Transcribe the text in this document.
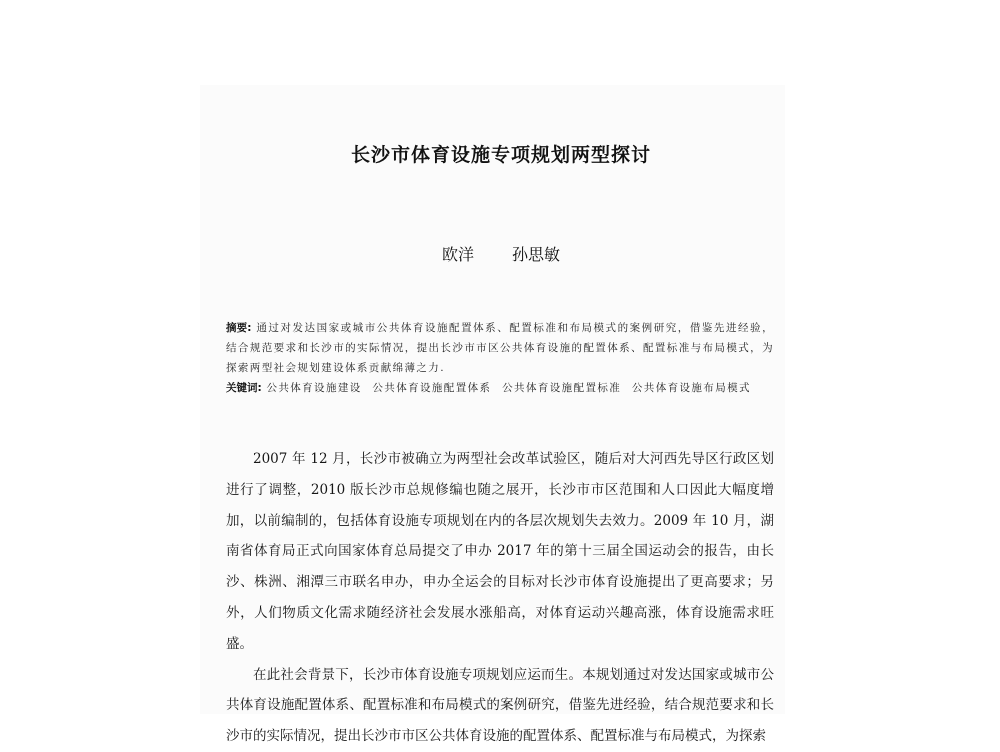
长沙市体育设施专项规划两型探讨
欧洋 孙思敏
摘要: 通过对发达国家或城市公共体育设施配置体系、配置标准和布局模式的案例研究，借鉴先进经验，结合规范要求和长沙市的实际情况，提出长沙市市区公共体育设施的配置体系、配置标准与布局模式，为探索两型社会规划建设体系贡献绵薄之力.
关键词: 公共体育设施建设 公共体育设施配置体系 公共体育设施配置标准 公共体育设施布局模式

2007 年 12 月，长沙市被确立为两型社会改革试验区，随后对大河西先导区行政区划进行了调整，2010 版长沙市总规修编也随之展开，长沙市市区范围和人口因此大幅度增加，以前编制的，包括体育设施专项规划在内的各层次规划失去效力。2009 年 10 月，湖南省体育局正式向国家体育总局提交了申办 2017 年的第十三届全国运动会的报告，由长沙、株洲、湘潭三市联名申办，申办全运会的目标对长沙市体育设施提出了更高要求；另外，人们物质文化需求随经济社会发展水涨船高，对体育运动兴趣高涨，体育设施需求旺盛。

在此社会背景下，长沙市体育设施专项规划应运而生。本规划通过对发达国家或城市公共体育设施配置体系、配置标准和布局模式的案例研究，借鉴先进经验，结合规范要求和长沙市的实际情况，提出长沙市市区公共体育设施的配置体系、配置标准与布局模式，为探索
